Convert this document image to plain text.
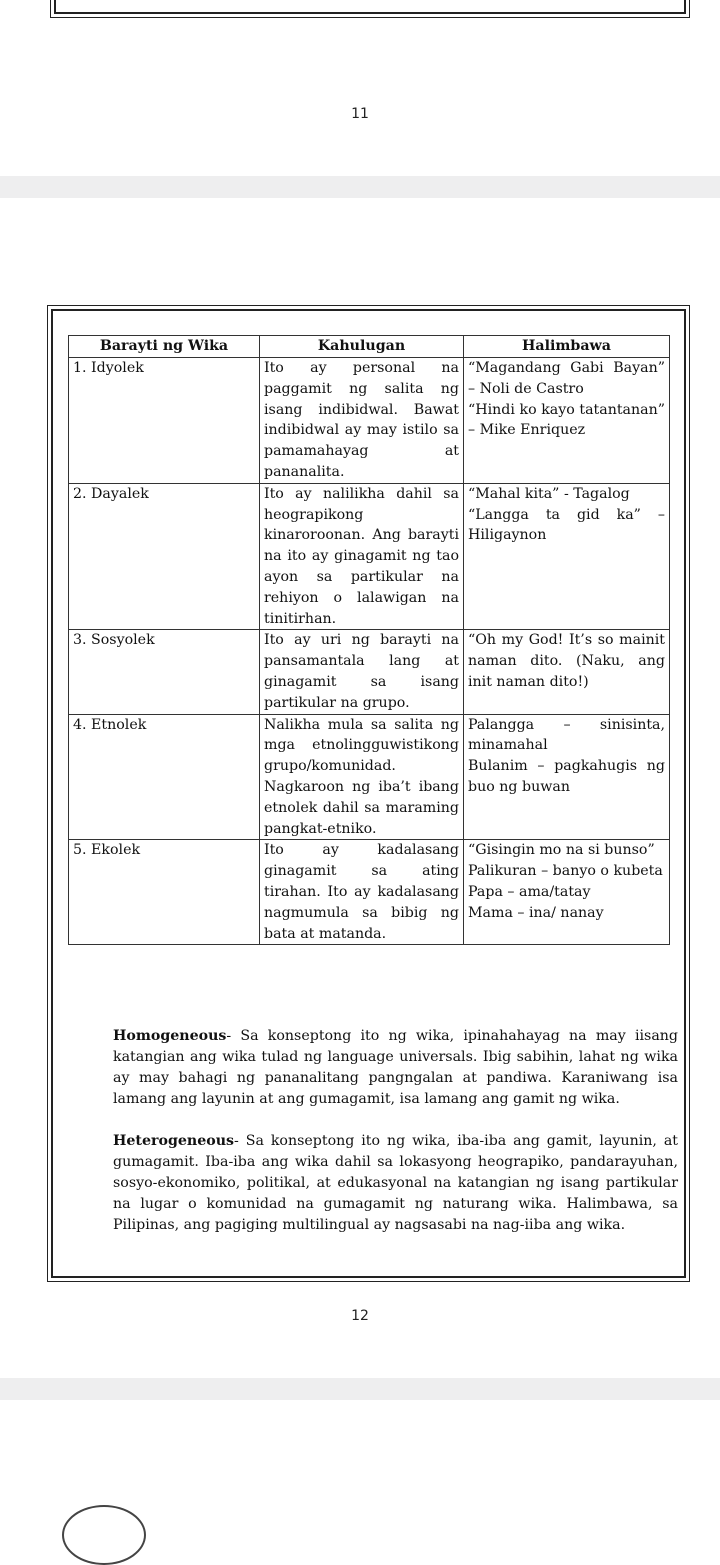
11
Barayti ng Wika	Kahulugan	Halimbawa
1. Idyolek	Ito ay personal na paggamit ng salita ng isang indibidwal. Bawat indibidwal ay may istilo sa pamamahayag at pananalita.	“Magandang Gabi Bayan” – Noli de Castro
“Hindi ko kayo tatantanan” – Mike Enriquez

2. Dayalek	Ito ay nalilikha dahil sa heograpikong kinaroroonan. Ang barayti na ito ay ginagamit ng tao ayon sa partikular na rehiyon o lalawigan na tinitirhan.	“Mahal kita” - Tagalog
“Langga ta gid ka” – Hiligaynon

3. Sosyolek	Ito ay uri ng barayti na pansamantala lang at ginagamit sa isang partikular na grupo.	“Oh my God! It’s so mainit naman dito. (Naku, ang init naman dito!)

4. Etnolek	Nalikha mula sa salita ng mga etnolingguwistikong grupo/komunidad. Nagkaroon ng iba’t ibang etnolek dahil sa maraming pangkat-etniko.	Palangga – sinisinta, minamahal
Bulanim – pagkahugis ng buo ng buwan

5. Ekolek	Ito ay kadalasang ginagamit sa ating tirahan. Ito ay kadalasang nagmumula sa bibig ng bata at matanda.	“Gisingin mo na si bunso”
Palikuran – banyo o kubeta
Papa – ama/tatay
Mama – ina/ nanay
Homogeneous- Sa konseptong ito ng wika, ipinahahayag na may iisang katangian ang wika tulad ng language universals. Ibig sabihin, lahat ng wika ay may bahagi ng pananalitang pangngalan at pandiwa. Karaniwang isa lamang ang layunin at ang gumagamit, isa lamang ang gamit ng wika.
Heterogeneous- Sa konseptong ito ng wika, iba-iba ang gamit, layunin, at gumagamit. Iba-iba ang wika dahil sa lokasyong heograpiko, pandarayuhan, sosyo-ekonomiko, politikal, at edukasyonal na katangian ng isang partikular na lugar o komunidad na gumagamit ng naturang wika. Halimbawa, sa Pilipinas, ang pagiging multilingual ay nagsasabi na nag-iiba ang wika.
12
